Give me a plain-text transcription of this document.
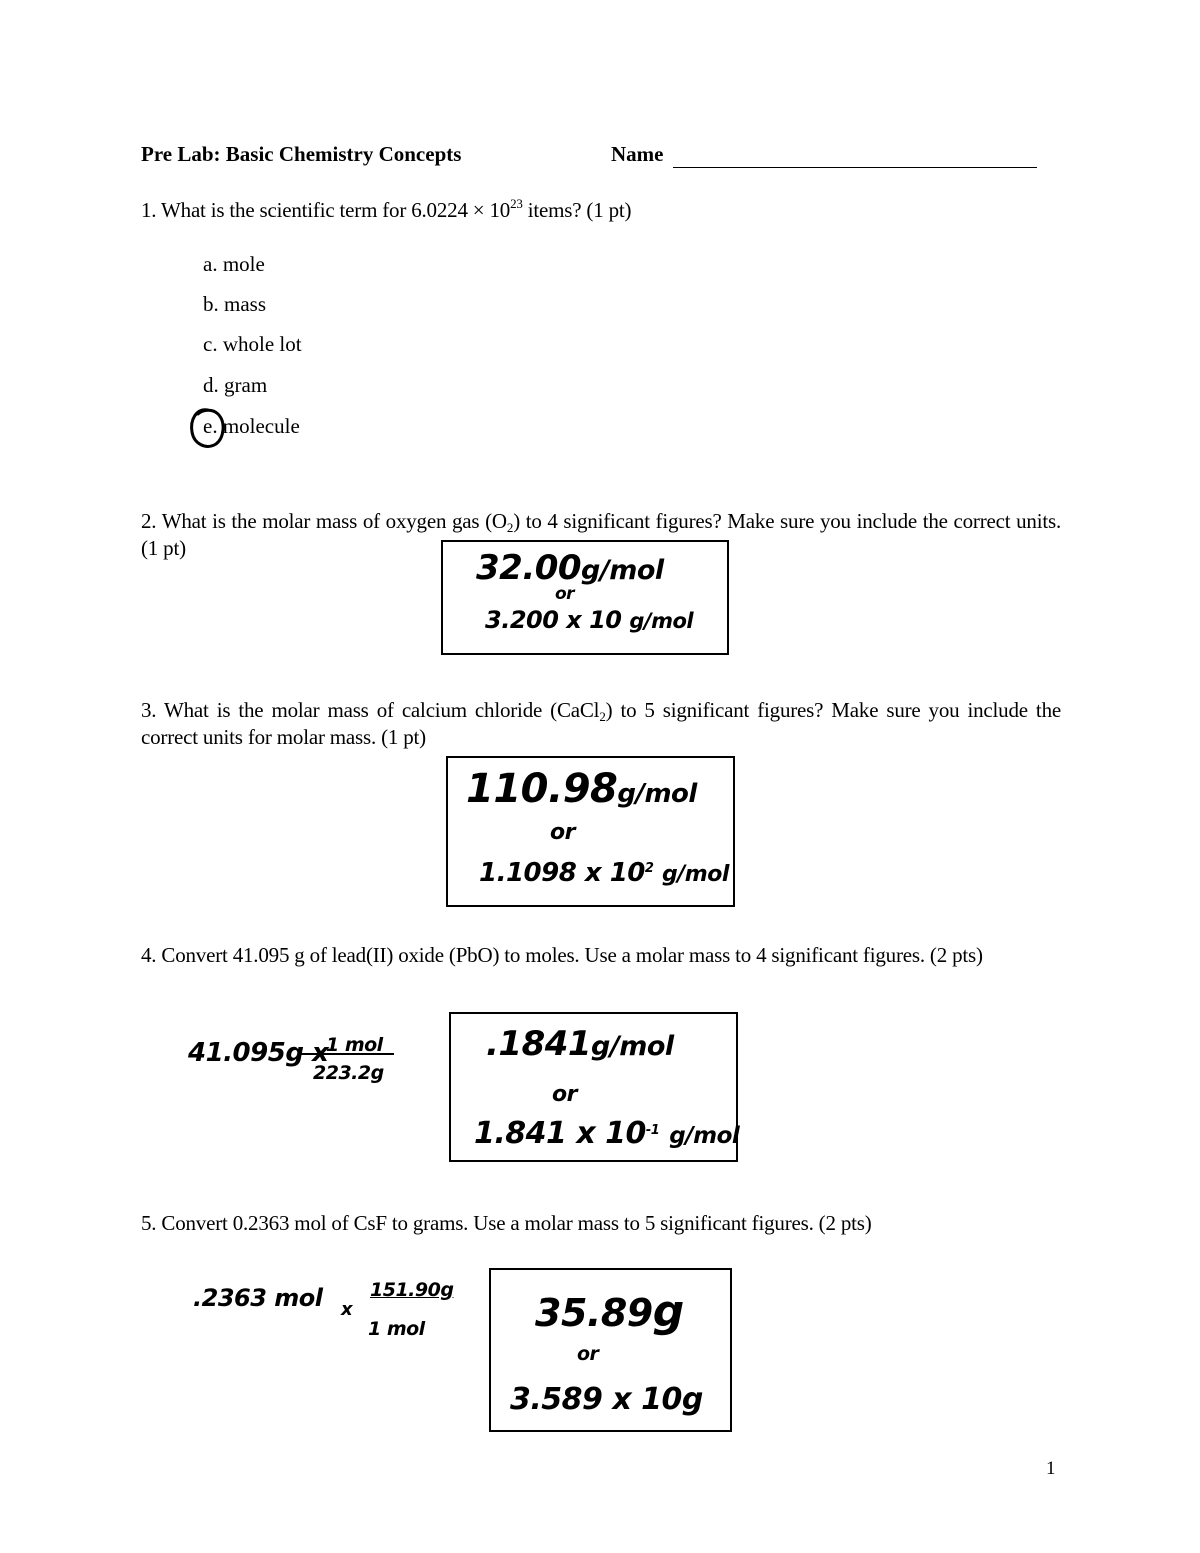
Pre Lab: Basic Chemistry Concepts	Name
1. What is the scientific term for $6.0224 \times 10^{23}$ items? (1 pt)
a. mole
b. mass
c. whole lot
d. gram
e. molecule
2. What is the molar mass of oxygen gas $(O_2)$ to 4 significant figures? Make sure you include the correct units. (1 pt)	32.00g/mol
or
3.200 x 10 g/mol
3. What is the molar mass of calcium chloride (CaCl$_2$) to 5 significant figures? Make sure you include the correct units for molar mass. (1 pt)
110.98g/mol
or
1.1098 x $10^2$ g/mol
4. Convert 41.095 g of lead(II) oxide (PbO) to moles. Use a molar mass to 4 significant figures. (2 pts)
41.095g x
1 mol
223.2g
.1841g/mol
or
1.841 x $10^{-1}$ g/mol
5. Convert 0.2363 mol of CsF to grams. Use a molar mass to 5 significant figures. (2 pts)
.2363 mol x
151.90g
1 mol	35.89g
or
3.589 x 10g
1
